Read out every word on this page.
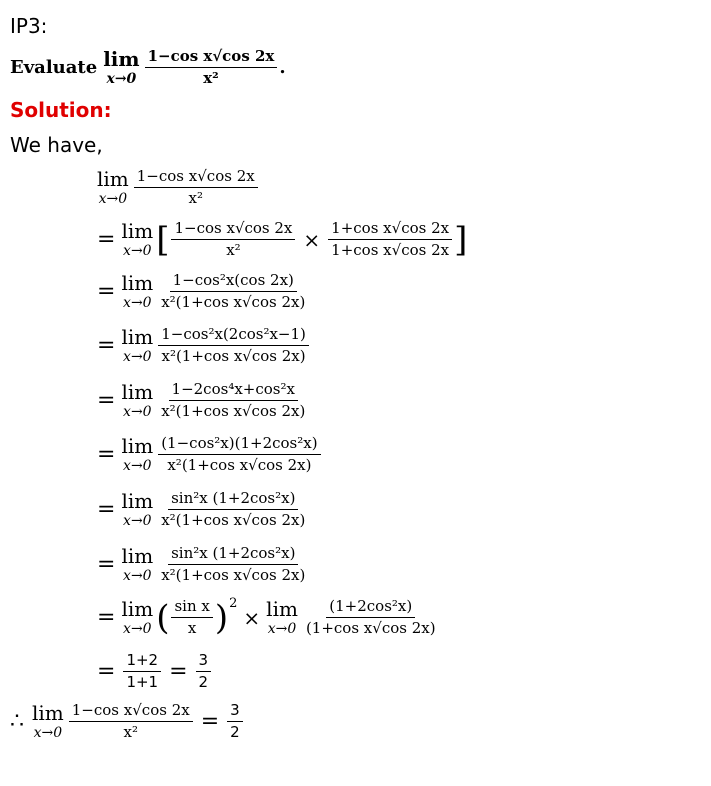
IP3:
Evaluate lim
$x\to 0 \frac{\text{1−cos x√cos 2x}}{\text{x²}}$ .
Solution:
We have,
lim
$x\to 0 \frac{\text{1−cos x√cos 2x}}{\text{x²}}$
= lim
x→0 [ $\frac{\text{1−cos x√cos 2x}}{\text{x²}} \times \frac{\text{1+cos x√cos 2x}}{\text{1+cos x√cos 2x}}$ ]
= lim
$x\to 0 \frac{\text{1−cos²x(cos 2x)}}{\text{x²(1+cos x√cos 2x)}}$
= lim
$x\to 0 \frac{\text{1−cos²x(2cos²x−1)}}{\text{x²(1+cos x√cos 2x)}}$
= lim
$x\to 0 \frac{\text{1−2cos⁴x+cos²x}}{\text{x²(1+cos x√cos 2x)}}$
= lim
$x\to 0 \frac{\text{(1−cos²x)(1+2cos²x)}}{\text{x²(1+cos x√cos 2x)}}$
= lim
$x\to 0 \frac{\text{sin²x (1+2cos²x)}}{\text{x²(1+cos x√cos 2x)}}$
= lim
$x\to 0 \frac{\text{sin²x (1+2cos²x)}}{\text{x²(1+cos x√cos 2x)}}$
= lim
x→0 ( $\frac{\text{sin x}}{x}$ ) 2
× lim
$x\to 0 \frac{\text{(1+2cos²x)}}{\text{(1+cos x√cos 2x)}}$
= $\frac{1+2}{1+1} = \frac{3}{2}$
∴ lim
$x\to 0 \frac{\text{1−cos x√cos 2x}}{\text{x²}} = \frac{3}{2}$
